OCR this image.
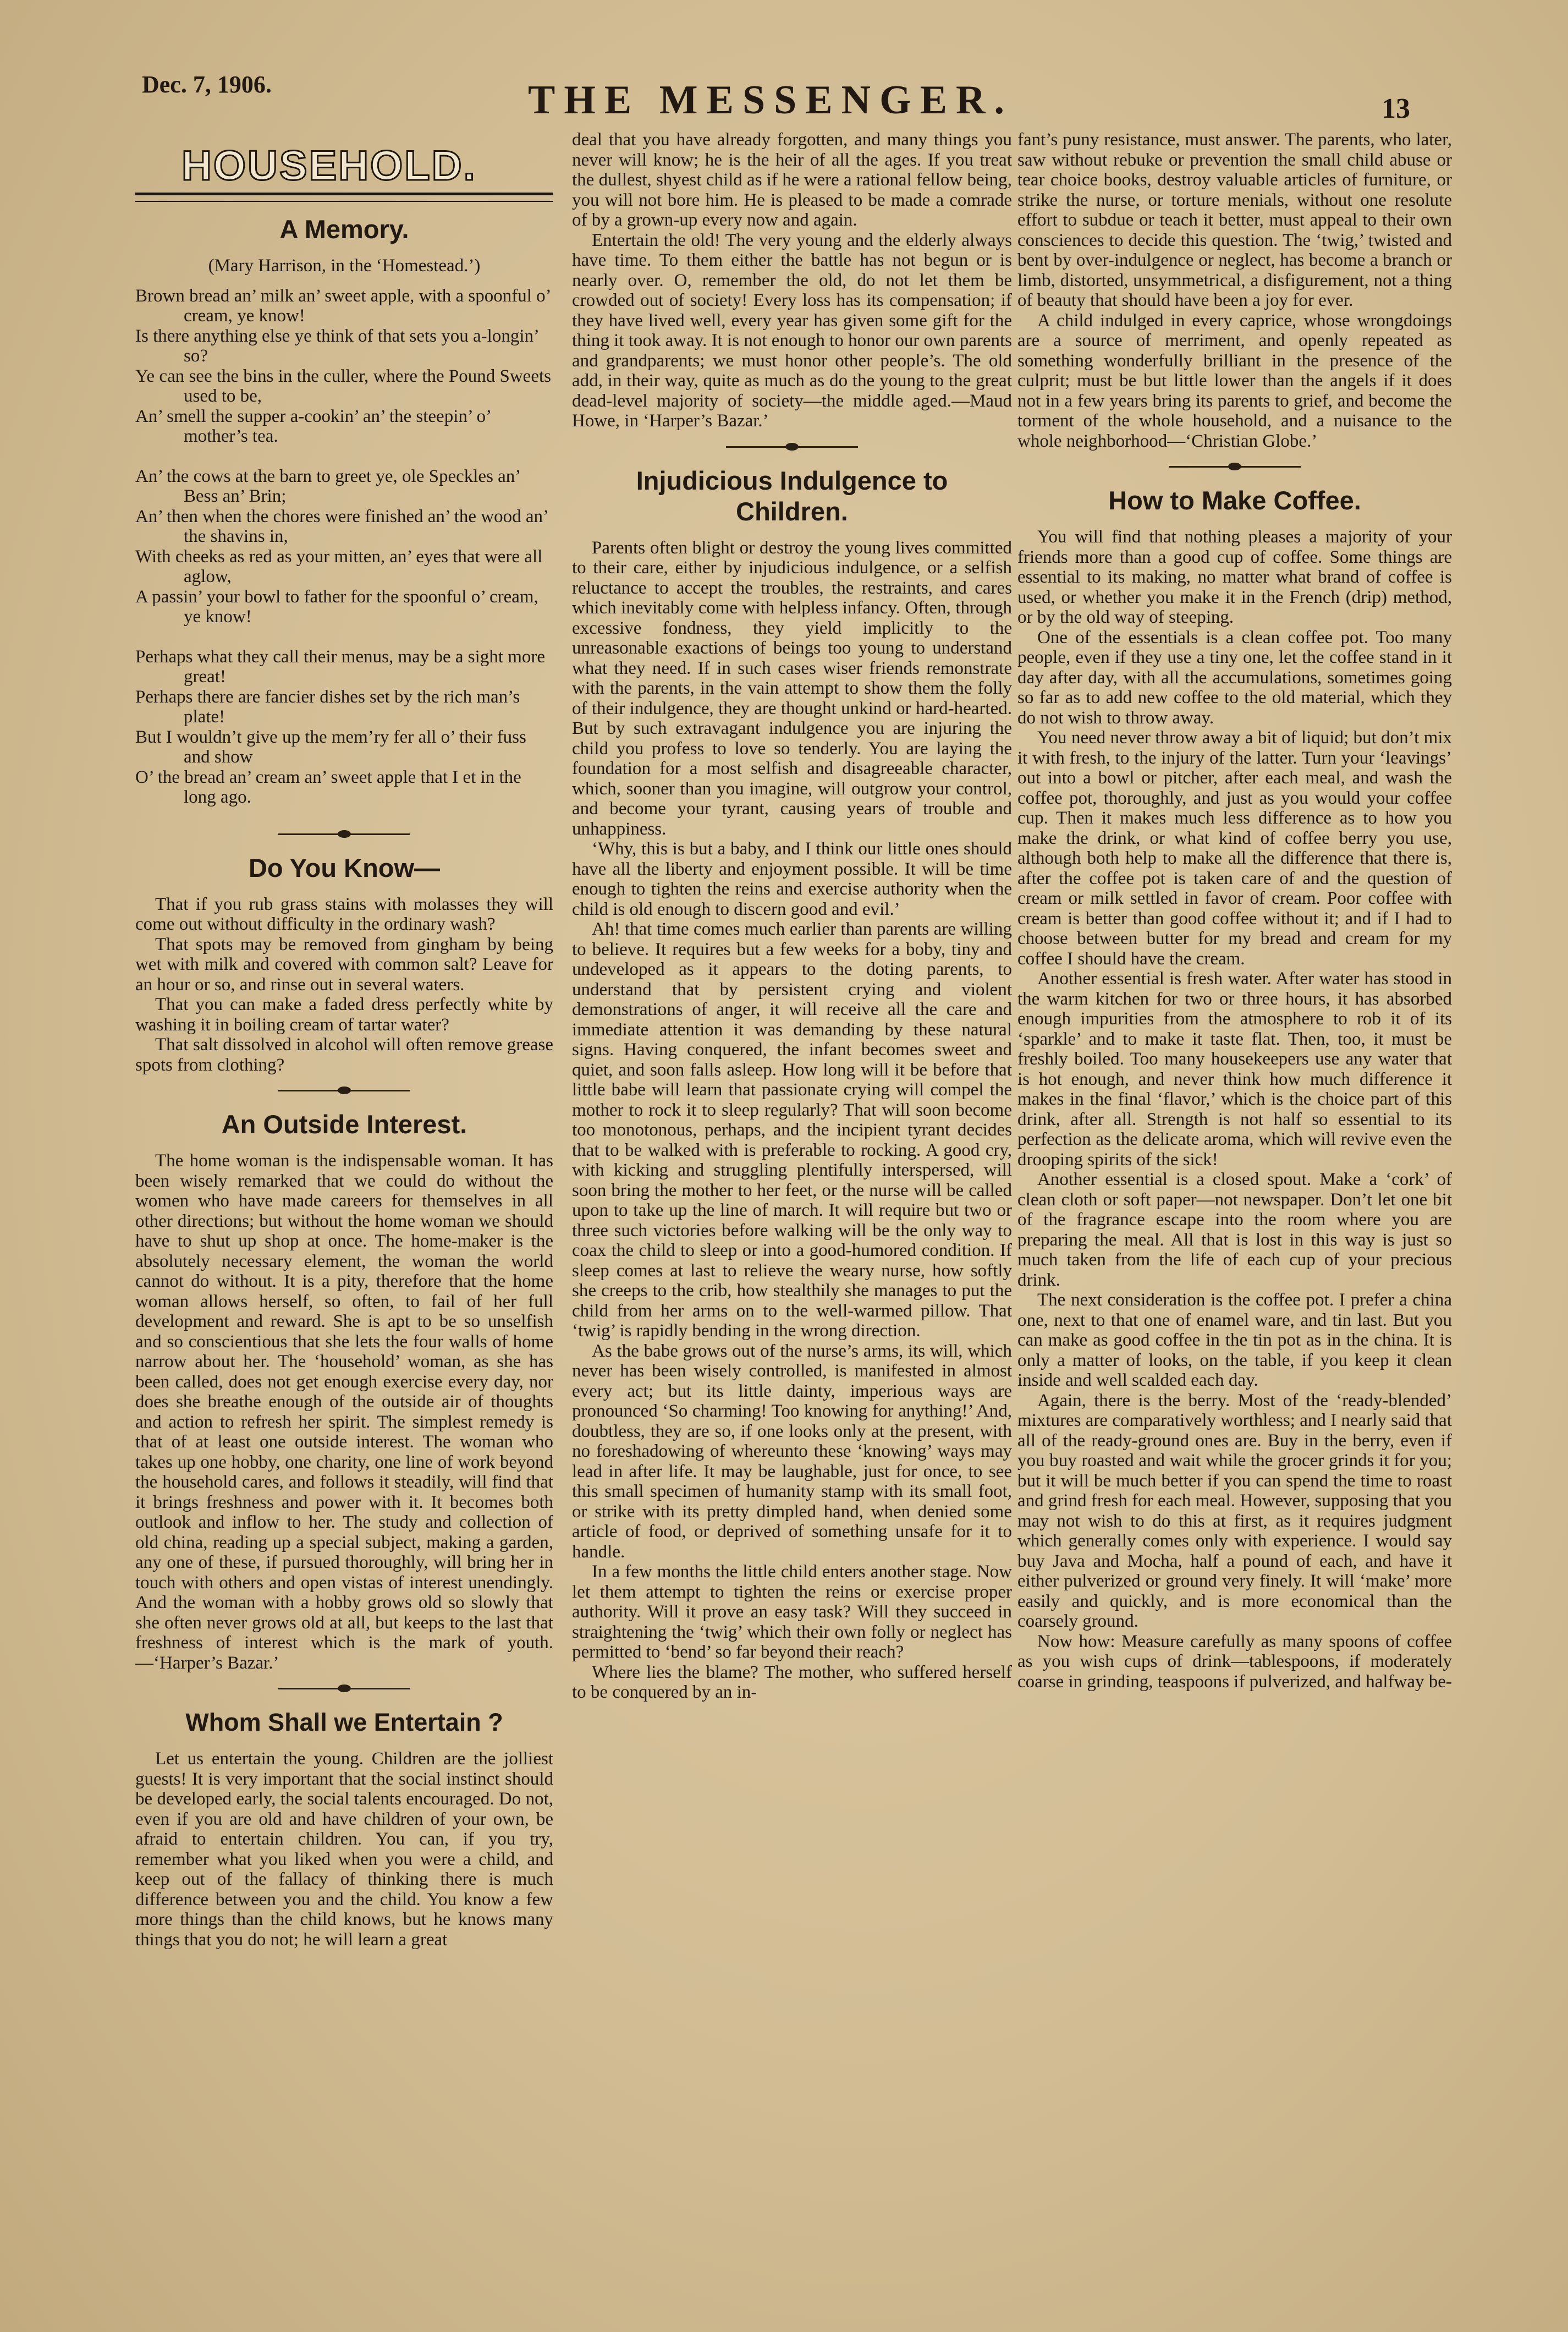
Dec. 7, 1906.	THE MESSENGER.	13
HOUSEHOLD.
A Memory.

(Mary Harrison, in the ‘Homestead.’)

Brown bread an’ milk an’ sweet apple, with a spoonful o’ cream, ye know!

Is there anything else ye think of that sets you a-longin’ so?

Ye can see the bins in the culler, where the Pound Sweets used to be,

An’ smell the supper a-cookin’ an’ the steepin’ o’ mother’s tea.

An’ the cows at the barn to greet ye, ole Speckles an’ Bess an’ Brin;

An’ then when the chores were finished an’ the wood an’ the shavins in,

With cheeks as red as your mitten, an’ eyes that were all aglow,

A passin’ your bowl to father for the spoonful o’ cream, ye know!

Perhaps what they call their menus, may be a sight more great!

Perhaps there are fancier dishes set by the rich man’s plate!

But I wouldn’t give up the mem’ry fer all o’ their fuss and show

O’ the bread an’ cream an’ sweet apple that I et in the long ago.

Do You Know—

That if you rub grass stains with molasses they will come out without difficulty in the ordinary wash?

That spots may be removed from gingham by being wet with milk and covered with common salt? Leave for an hour or so, and rinse out in several waters.

That you can make a faded dress perfectly white by washing it in boiling cream of tartar water?

That salt dissolved in alcohol will often remove grease spots from clothing?

An Outside Interest.

The home woman is the indispensable woman. It has been wisely remarked that we could do without the women who have made careers for themselves in all other directions; but without the home woman we should have to shut up shop at once. The home-maker is the absolutely necessary element, the woman the world cannot do without. It is a pity, therefore that the home woman allows herself, so often, to fail of her full development and reward. She is apt to be so unselfish and so conscientious that she lets the four walls of home narrow about her. The ‘household’ woman, as she has been called, does not get enough exercise every day, nor does she breathe enough of the outside air of thoughts and action to refresh her spirit. The simplest remedy is that of at least one outside interest. The woman who takes up one hobby, one charity, one line of work beyond the household cares, and follows it steadily, will find that it brings freshness and power with it. It becomes both outlook and inflow to her. The study and collection of old china, reading up a special subject, making a garden, any one of these, if pursued thoroughly, will bring her in touch with others and open vistas of interest unendingly. And the woman with a hobby grows old so slowly that she often never grows old at all, but keeps to the last that freshness of interest which is the mark of youth.—‘Harper’s Bazar.’

Whom Shall we Entertain ?

Let us entertain the young. Children are the jolliest guests! It is very important that the social instinct should be developed early, the social talents encouraged. Do not, even if you are old and have children of your own, be afraid to entertain children. You can, if you try, remember what you liked when you were a child, and keep out of the fallacy of thinking there is much difference between you and the child. You know a few more things than the child knows, but he knows many things that you do not; he will learn a great

deal that you have already forgotten, and many things you never will know; he is the heir of all the ages. If you treat the dullest, shyest child as if he were a rational fellow being, you will not bore him. He is pleased to be made a comrade of by a grown-up every now and again.

Entertain the old! The very young and the elderly always have time. To them either the battle has not begun or is nearly over. O, remember the old, do not let them be crowded out of society! Every loss has its compensation; if they have lived well, every year has given some gift for the thing it took away. It is not enough to honor our own parents and grandparents; we must honor other people’s. The old add, in their way, quite as much as do the young to the great dead-level majority of society—the middle aged.—Maud Howe, in ‘Harper’s Bazar.’

Injudicious Indulgence to
Children.

Parents often blight or destroy the young lives committed to their care, either by injudicious indulgence, or a selfish reluctance to accept the troubles, the restraints, and cares which inevitably come with helpless infancy. Often, through excessive fondness, they yield implicitly to the unreasonable exactions of beings too young to understand what they need. If in such cases wiser friends remonstrate with the parents, in the vain attempt to show them the folly of their indulgence, they are thought unkind or hard-hearted. But by such extravagant indulgence you are injuring the child you profess to love so tenderly. You are laying the foundation for a most selfish and disagreeable character, which, sooner than you imagine, will outgrow your control, and become your tyrant, causing years of trouble and unhappiness.

‘Why, this is but a baby, and I think our little ones should have all the liberty and enjoyment possible. It will be time enough to tighten the reins and exercise authority when the child is old enough to discern good and evil.’

Ah! that time comes much earlier than parents are willing to believe. It requires but a few weeks for a boby, tiny and undeveloped as it appears to the doting parents, to understand that by persistent crying and violent demonstrations of anger, it will receive all the care and immediate attention it was demanding by these natural signs. Having conquered, the infant becomes sweet and quiet, and soon falls asleep. How long will it be before that little babe will learn that passionate crying will compel the mother to rock it to sleep regularly? That will soon become too monotonous, perhaps, and the incipient tyrant decides that to be walked with is preferable to rocking. A good cry, with kicking and struggling plentifully interspersed, will soon bring the mother to her feet, or the nurse will be called upon to take up the line of march. It will require but two or three such victories before walking will be the only way to coax the child to sleep or into a good-humored condition. If sleep comes at last to relieve the weary nurse, how softly she creeps to the crib, how stealthily she manages to put the child from her arms on to the well-warmed pillow. That ‘twig’ is rapidly bending in the wrong direction.

As the babe grows out of the nurse’s arms, its will, which never has been wisely controlled, is manifested in almost every act; but its little dainty, imperious ways are pronounced ‘So charming! Too knowing for anything!’ And, doubtless, they are so, if one looks only at the present, with no foreshadowing of whereunto these ‘knowing’ ways may lead in after life. It may be laughable, just for once, to see this small specimen of humanity stamp with its small foot, or strike with its pretty dimpled hand, when denied some article of food, or deprived of something unsafe for it to handle.

In a few months the little child enters another stage. Now let them attempt to tighten the reins or exercise proper authority. Will it prove an easy task? Will they succeed in straightening the ‘twig’ which their own folly or neglect has permitted to ‘bend’ so far beyond their reach?

Where lies the blame? The mother, who suffered herself to be conquered by an in-

fant’s puny resistance, must answer. The parents, who later, saw without rebuke or prevention the small child abuse or tear choice books, destroy valuable articles of furniture, or strike the nurse, or torture menials, without one resolute effort to subdue or teach it better, must appeal to their own consciences to decide this question. The ‘twig,’ twisted and bent by over-indulgence or neglect, has become a branch or limb, distorted, unsymmetrical, a disfigurement, not a thing of beauty that should have been a joy for ever.

A child indulged in every caprice, whose wrongdoings are a source of merriment, and openly repeated as something wonderfully brilliant in the presence of the culprit; must be but little lower than the angels if it does not in a few years bring its parents to grief, and become the torment of the whole household, and a nuisance to the whole neighborhood—‘Christian Globe.’

How to Make Coffee.

You will find that nothing pleases a majority of your friends more than a good cup of coffee. Some things are essential to its making, no matter what brand of coffee is used, or whether you make it in the French (drip) method, or by the old way of steeping.

One of the essentials is a clean coffee pot. Too many people, even if they use a tiny one, let the coffee stand in it day after day, with all the accumulations, sometimes going so far as to add new coffee to the old material, which they do not wish to throw away.

You need never throw away a bit of liquid; but don’t mix it with fresh, to the injury of the latter. Turn your ‘leavings’ out into a bowl or pitcher, after each meal, and wash the coffee pot, thoroughly, and just as you would your coffee cup. Then it makes much less difference as to how you make the drink, or what kind of coffee berry you use, although both help to make all the difference that there is, after the coffee pot is taken care of and the question of cream or milk settled in favor of cream. Poor coffee with cream is better than good coffee without it; and if I had to choose between butter for my bread and cream for my coffee I should have the cream.

Another essential is fresh water. After water has stood in the warm kitchen for two or three hours, it has absorbed enough impurities from the atmosphere to rob it of its ‘sparkle’ and to make it taste flat. Then, too, it must be freshly boiled. Too many housekeepers use any water that is hot enough, and never think how much difference it makes in the final ‘flavor,’ which is the choice part of this drink, after all. Strength is not half so essential to its perfection as the delicate aroma, which will revive even the drooping spirits of the sick!

Another essential is a closed spout. Make a ‘cork’ of clean cloth or soft paper—not newspaper. Don’t let one bit of the fragrance escape into the room where you are preparing the meal. All that is lost in this way is just so much taken from the life of each cup of your precious drink.

The next consideration is the coffee pot. I prefer a china one, next to that one of enamel ware, and tin last. But you can make as good coffee in the tin pot as in the china. It is only a matter of looks, on the table, if you keep it clean inside and well scalded each day.

Again, there is the berry. Most of the ‘ready-blended’ mixtures are comparatively worthless; and I nearly said that all of the ready-ground ones are. Buy in the berry, even if you buy roasted and wait while the grocer grinds it for you; but it will be much better if you can spend the time to roast and grind fresh for each meal. However, supposing that you may not wish to do this at first, as it requires judgment which generally comes only with experience. I would say buy Java and Mocha, half a pound of each, and have it either pulverized or ground very finely. It will ‘make’ more easily and quickly, and is more economical than the coarsely ground.

Now how: Measure carefully as many spoons of coffee as you wish cups of drink—tablespoons, if moderately coarse in grinding, teaspoons if pulverized, and halfway be-
